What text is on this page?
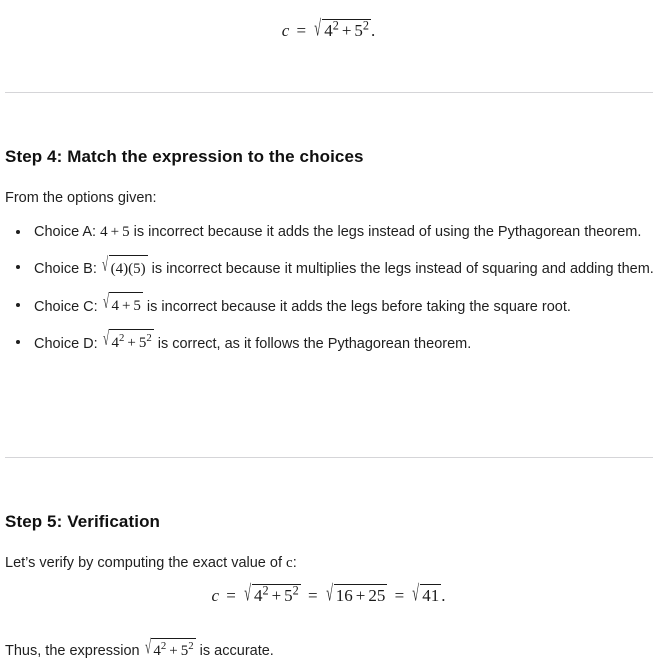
c = √ $4^2 + 5^2$ .
Step 4: Match the expression to the choices

From the options given:

Choice A: 4 + 5 is incorrect because it adds the legs instead of using the Pythagorean theorem.
Choice B: √ (4)(5) is incorrect because it multiplies the legs instead of squaring and adding them.
Choice C: √ 4 + 5 is incorrect because it adds the legs before taking the square root.
Choice D: √ $4^2 + 5^2$ is correct, as it follows the Pythagorean theorem.
Step 5: Verification

Let’s verify by computing the exact value of c:

c = √ $4^2 + 5^2$ = √ 16 + 25 = √ 41 .

Thus, the expression √ $4^2 + 5^2$ is accurate.
